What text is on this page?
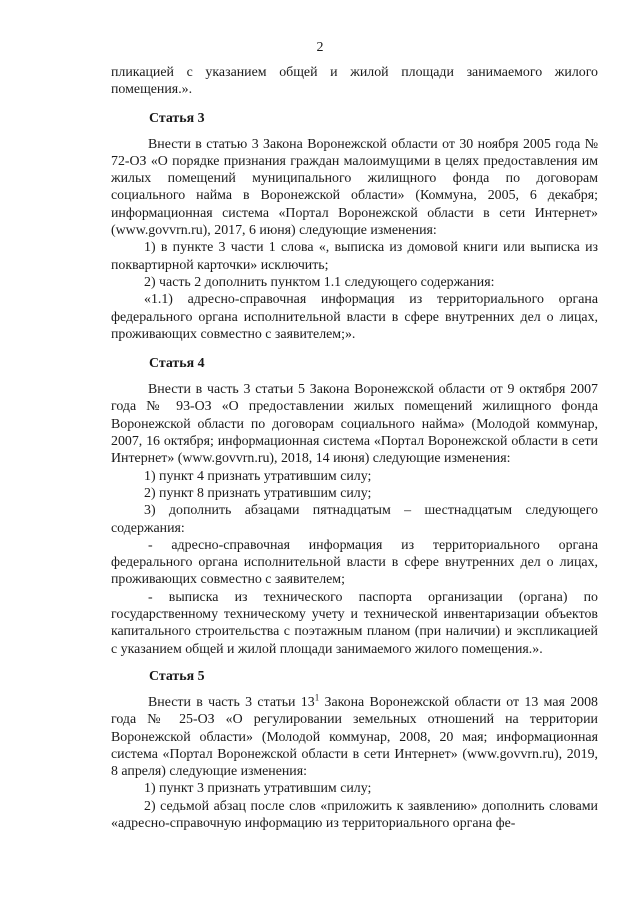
2

пликацией с указанием общей и жилой площади занимаемого жилого помещения.».

Статья 3

Внести в статью 3 Закона Воронежской области от 30 ноября 2005 года № 72-ОЗ «О порядке признания граждан малоимущими в целях предоставления им жилых помещений муниципального жилищного фонда по договорам социального найма в Воронежской области» (Коммуна, 2005, 6 декабря; информационная система «Портал Воронежской области в сети Интернет» (www.govvrn.ru), 2017, 6 июня) следующие изменения:

1) в пункте 3 части 1 слова «, выписка из домовой книги или выписка из поквартирной карточки» исключить;

2) часть 2 дополнить пунктом 1.1 следующего содержания:

«1.1) адресно-справочная информация из территориального органа федерального органа исполнительной власти в сфере внутренних дел о лицах, проживающих совместно с заявителем;».

Статья 4

Внести в часть 3 статьи 5 Закона Воронежской области от 9 октября 2007 года № 93-ОЗ «О предоставлении жилых помещений жилищного фонда Воронежской области по договорам социального найма» (Молодой коммунар, 2007, 16 октября; информационная система «Портал Воронежской области в сети Интернет» (www.govvrn.ru), 2018, 14 июня) следующие изменения:

1) пункт 4 признать утратившим силу;

2) пункт 8 признать утратившим силу;

3) дополнить абзацами пятнадцатым – шестнадцатым следующего содержания:

- адресно-справочная информация из территориального органа федерального органа исполнительной власти в сфере внутренних дел о лицах, проживающих совместно с заявителем;

- выписка из технического паспорта организации (органа) по государственному техническому учету и технической инвентаризации объектов капитального строительства с поэтажным планом (при наличии) и экспликацией с указанием общей и жилой площади занимаемого жилого помещения.».

Статья 5

Внести в часть 3 статьи $13^1$ Закона Воронежской области от 13 мая 2008 года № 25-ОЗ «О регулировании земельных отношений на территории Воронежской области» (Молодой коммунар, 2008, 20 мая; информационная система «Портал Воронежской области в сети Интернет» (www.govvrn.ru), 2019, 8 апреля) следующие изменения:

1) пункт 3 признать утратившим силу;

2) седьмой абзац после слов «приложить к заявлению» дополнить словами «адресно-справочную информацию из территориального органа фе-
